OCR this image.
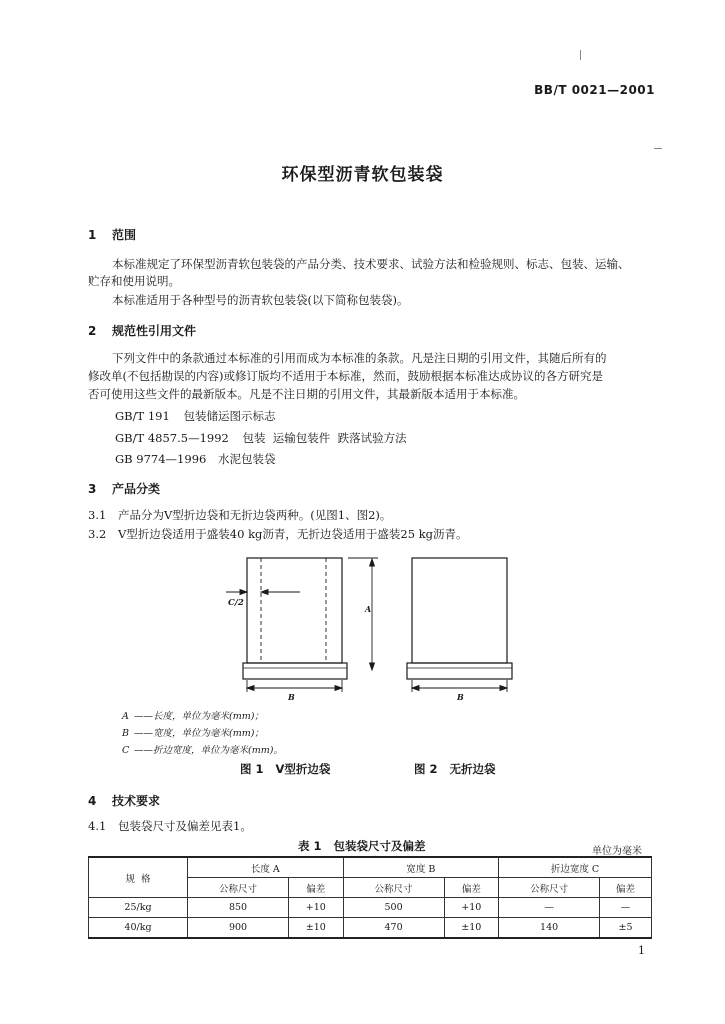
BB/T 0021—2001
环保型沥青软包装袋
1 范围
本标准规定了环保型沥青软包装袋的产品分类、技术要求、试验方法和检验规则、标志、包装、运输、
贮存和使用说明。
本标准适用于各种型号的沥青软包装袋(以下简称包装袋)。
2 规范性引用文件
下列文件中的条款通过本标准的引用而成为本标准的条款。凡是注日期的引用文件，其随后所有的
修改单(不包括勘误的内容)或修订版均不适用于本标准，然而，鼓励根据本标准达成协议的各方研究是
否可使用这些文件的最新版本。凡是不注日期的引用文件，其最新版本适用于本标准。
GB/T 191 包装储运图示标志
GB/T 4857.5—1992 包装  运输包装件  跌落试验方法
GB 9774—1996 水泥包装袋
3 产品分类
3.1 产品分为Ⅴ型折边袋和无折边袋两种。(见图1、图2)。
3.2 Ⅴ型折边袋适用于盛装40 kg沥青，无折边袋适用于盛装25 kg沥青。
C/2
A
B	B
A ——长度，单位为毫米(mm)；
B ——宽度，单位为毫米(mm)；
C ——折边宽度，单位为毫米(mm)。
图 1   Ⅴ型折边袋	图 2   无折边袋
4 技术要求
4.1 包装袋尺寸及偏差见表1。
表 1   包装袋尺寸及偏差	单位为毫米
规  格	长度 A		宽度 B		折边宽度 C	
	公称尺寸	偏差	公称尺寸	偏差	公称尺寸	偏差
25/kg	850	+10	500	+10	—	—
40/kg	900	±10	470	±10	140	±5
1
